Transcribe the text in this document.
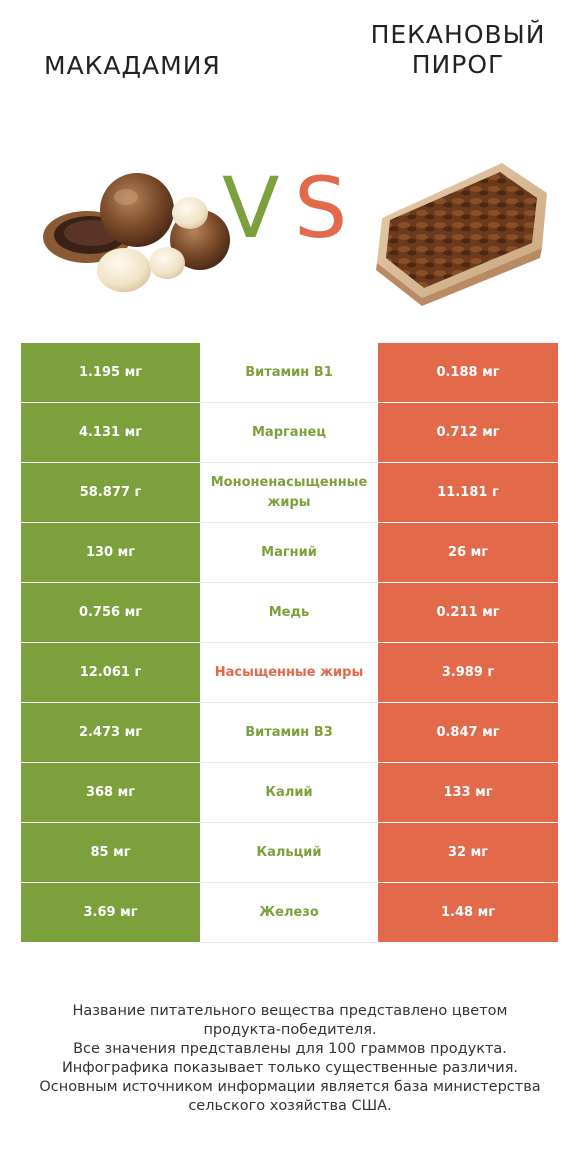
МАКАДАМИЯ
ПЕКАНОВЫЙ
ПИРОГ
V S
1.195 мг	Витамин B1	0.188 мг
4.131 мг	Марганец	0.712 мг
58.877 г	Мононенасыщенные жиры	11.181 г
130 мг	Магний	26 мг
0.756 мг	Медь	0.211 мг
12.061 г	Насыщенные жиры	3.989 г
2.473 мг	Витамин B3	0.847 мг
368 мг	Калий	133 мг
85 мг	Кальций	32 мг
3.69 мг	Железо	1.48 мг
Название питательного вещества представлено цветом
продукта-победителя.
Все значения представлены для 100 граммов продукта.
Инфографика показывает только существенные различия.
Основным источником информации является база министерства
сельского хозяйства США.
